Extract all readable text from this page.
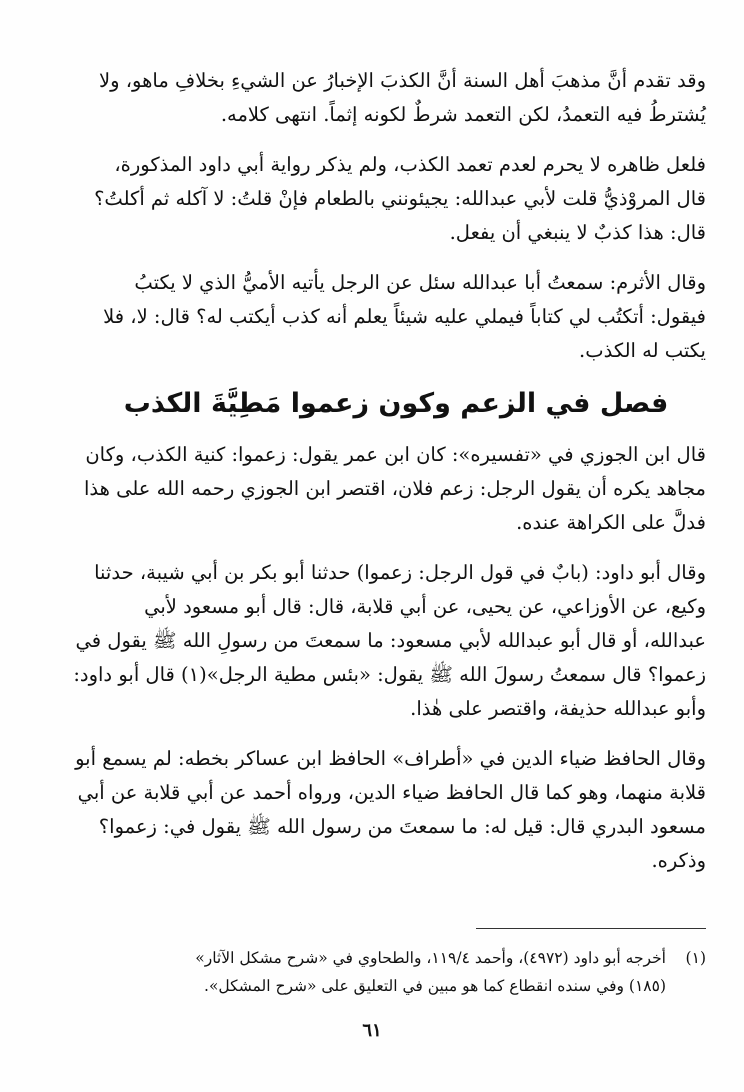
وقد تقدم أنَّ مذهبَ أهل السنة أنَّ الكذبَ الإخبارُ عن الشيءِ بخلافِ ماهو، ولا
يُشترطُ فيه التعمدُ، لكن التعمد شرطٌ لكونه إثماً. انتهى كلامه.
فلعل ظاهره لا يحرم لعدم تعمد الكذب، ولم يذكر رواية أبي داود المذكورة،
قال المروْذيُّ قلت لأبي عبدالله: يجيئونني بالطعام فإنْ قلتُ: لا آكله ثم أكلتُ؟
قال: هذا كذبٌ لا ينبغي أن يفعل.
وقال الأثرم: سمعتُ أبا عبدالله سئل عن الرجل يأتيه الأميُّ الذي لا يكتبُ
فيقول: أتكتُب لي كتاباً فيملي عليه شيئاً يعلم أنه كذب أيكتب له؟ قال: لا، فلا
يكتب له الكذب.
فصل في الزعم وكون زعموا مَطِيَّةَ الكذب
قال ابن الجوزي في «تفسيره»: كان ابن عمر يقول: زعموا: كنية الكذب، وكان
مجاهد يكره أن يقول الرجل: زعم فلان، اقتصر ابن الجوزي رحمه الله على هذا
فدلَّ على الكراهة عنده.
وقال أبو داود: (بابٌ في قول الرجل: زعموا) حدثنا أبو بكر بن أبي شيبة، حدثنا
وكيع، عن الأوزاعي، عن يحيى، عن أبي قلابة، قال: قال أبو مسعود لأبي
عبدالله، أو قال أبو عبدالله لأبي مسعود: ما سمعتَ من رسولِ الله ﷺ يقول في
زعموا؟ قال سمعتُ رسولَ الله ﷺ يقول: «بئس مطية الرجل»(١) قال أبو داود:
وأبو عبدالله حذيفة، واقتصر على هٰذا.
وقال الحافظ ضياء الدين في «أطراف» الحافظ ابن عساكر بخطه: لم يسمع أبو
قلابة منهما، وهو كما قال الحافظ ضياء الدين، ورواه أحمد عن أبي قلابة عن أبي
مسعود البدري قال: قيل له: ما سمعتَ من رسول الله ﷺ يقول في: زعموا؟
وذكره.
(١)أخرجه أبو داود (٤٩٧٢)، وأحمد ١١٩/٤، والطحاوي في «شرح مشكل الآثار»
(١٨٥) وفي سنده انقطاع كما هو مبين في التعليق على «شرح المشكل».
٦١
